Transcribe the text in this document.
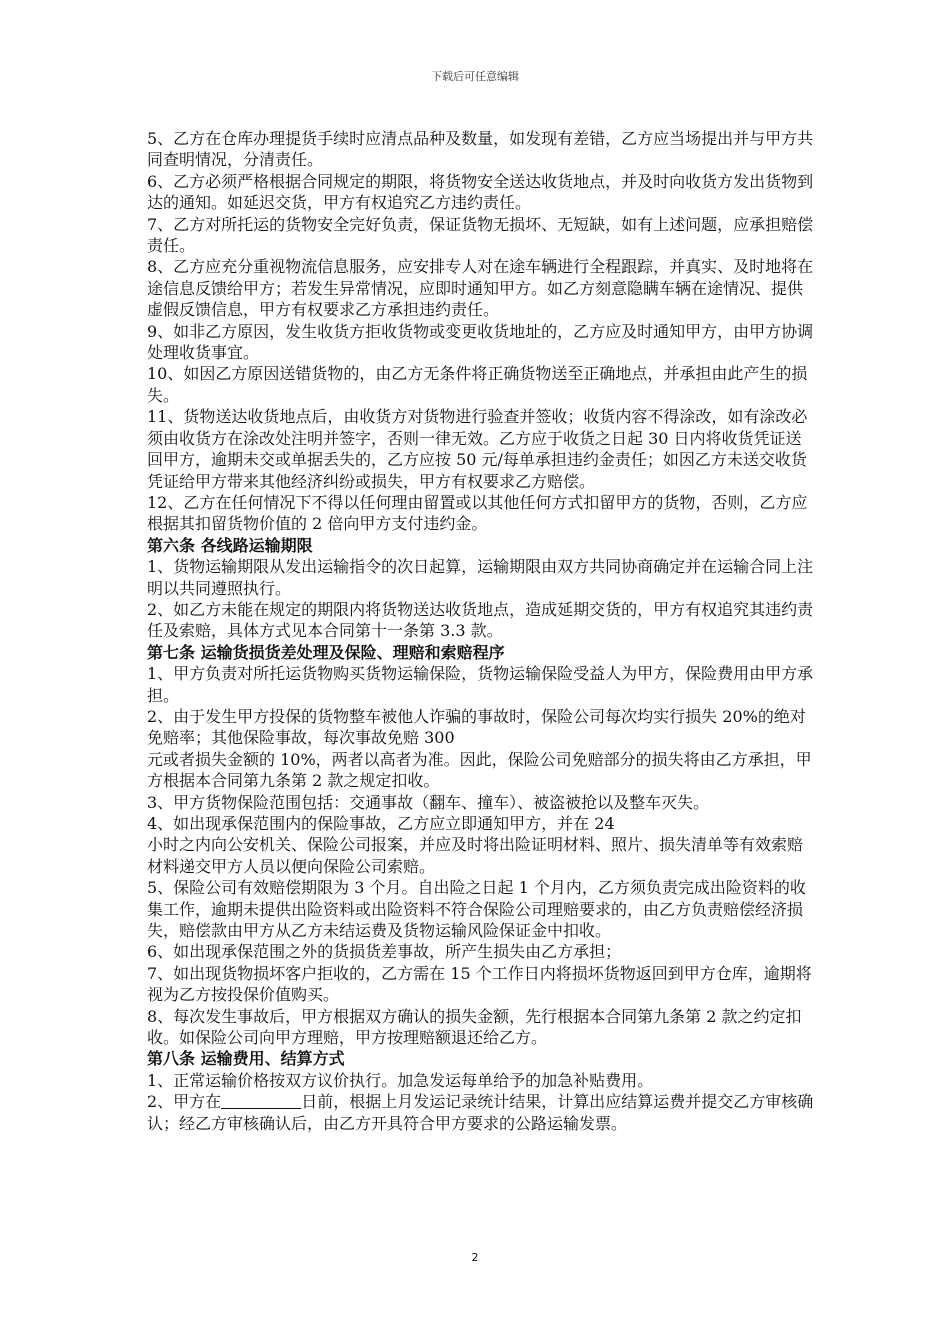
下载后可任意编辑

5、乙方在仓库办理提货手续时应清点品种及数量，如发现有差错，乙方应当场提出并与甲方共同查明情况，分清责任。

6、乙方必须严格根据合同规定的期限，将货物安全送达收货地点，并及时向收货方发出货物到达的通知。如延迟交货，甲方有权追究乙方违约责任。

7、乙方对所托运的货物安全完好负责，保证货物无损坏、无短缺，如有上述问题，应承担赔偿责任。

8、乙方应充分重视物流信息服务，应安排专人对在途车辆进行全程跟踪，并真实、及时地将在途信息反馈给甲方；若发生异常情况，应即时通知甲方。如乙方刻意隐瞒车辆在途情况、提供虚假反馈信息，甲方有权要求乙方承担违约责任。

9、如非乙方原因，发生收货方拒收货物或变更收货地址的，乙方应及时通知甲方，由甲方协调处理收货事宜。

10、如因乙方原因送错货物的，由乙方无条件将正确货物送至正确地点，并承担由此产生的损失。

11、货物送达收货地点后，由收货方对货物进行验查并签收；收货内容不得涂改，如有涂改必须由收货方在涂改处注明并签字，否则一律无效。乙方应于收货之日起 30 日内将收货凭证送回甲方，逾期未交或单据丢失的，乙方应按 50 元/每单承担违约金责任；如因乙方未送交收货凭证给甲方带来其他经济纠纷或损失，甲方有权要求乙方赔偿。

12、乙方在任何情况下不得以任何理由留置或以其他任何方式扣留甲方的货物，否则，乙方应根据其扣留货物价值的 2 倍向甲方支付违约金。

第六条 各线路运输期限

1、货物运输期限从发出运输指令的次日起算，运输期限由双方共同协商确定并在运输合同上注明以共同遵照执行。

2、如乙方未能在规定的期限内将货物送达收货地点，造成延期交货的，甲方有权追究其违约责任及索赔，具体方式见本合同第十一条第 3.3 款。

第七条 运输货损货差处理及保险、理赔和索赔程序

1、甲方负责对所托运货物购买货物运输保险，货物运输保险受益人为甲方，保险费用由甲方承担。

2、由于发生甲方投保的货物整车被他人诈骗的事故时，保险公司每次均实行损失 20%的绝对免赔率；其他保险事故，每次事故免赔 300

元或者损失金额的 10%，两者以高者为准。因此，保险公司免赔部分的损失将由乙方承担，甲方根据本合同第九条第 2 款之规定扣收。

3、甲方货物保险范围包括：交通事故（翻车、撞车）、被盗被抢以及整车灭失。

4、如出现承保范围内的保险事故，乙方应立即通知甲方，并在 24

小时之内向公安机关、保险公司报案，并应及时将出险证明材料、照片、损失清单等有效索赔材料递交甲方人员以便向保险公司索赔。

5、保险公司有效赔偿期限为 3 个月。自出险之日起 1 个月内，乙方须负责完成出险资料的收集工作，逾期未提供出险资料或出险资料不符合保险公司理赔要求的，由乙方负责赔偿经济损失，赔偿款由甲方从乙方未结运费及货物运输风险保证金中扣收。

6、如出现承保范围之外的货损货差事故，所产生损失由乙方承担；

7、如出现货物损坏客户拒收的，乙方需在 15 个工作日内将损坏货物返回到甲方仓库，逾期将视为乙方按投保价值购买。

8、每次发生事故后，甲方根据双方确认的损失金额，先行根据本合同第九条第 2 款之约定扣收。如保险公司向甲方理赔，甲方按理赔额退还给乙方。

第八条 运输费用、结算方式

1、正常运输价格按双方议价执行。加急发运每单给予的加急补贴费用。

2、甲方在	日前，根据上月发运记录统计结果，计算出应结算运费并提交乙方审核确认；经乙方审核确认后，由乙方开具符合甲方要求的公路运输发票。

2
